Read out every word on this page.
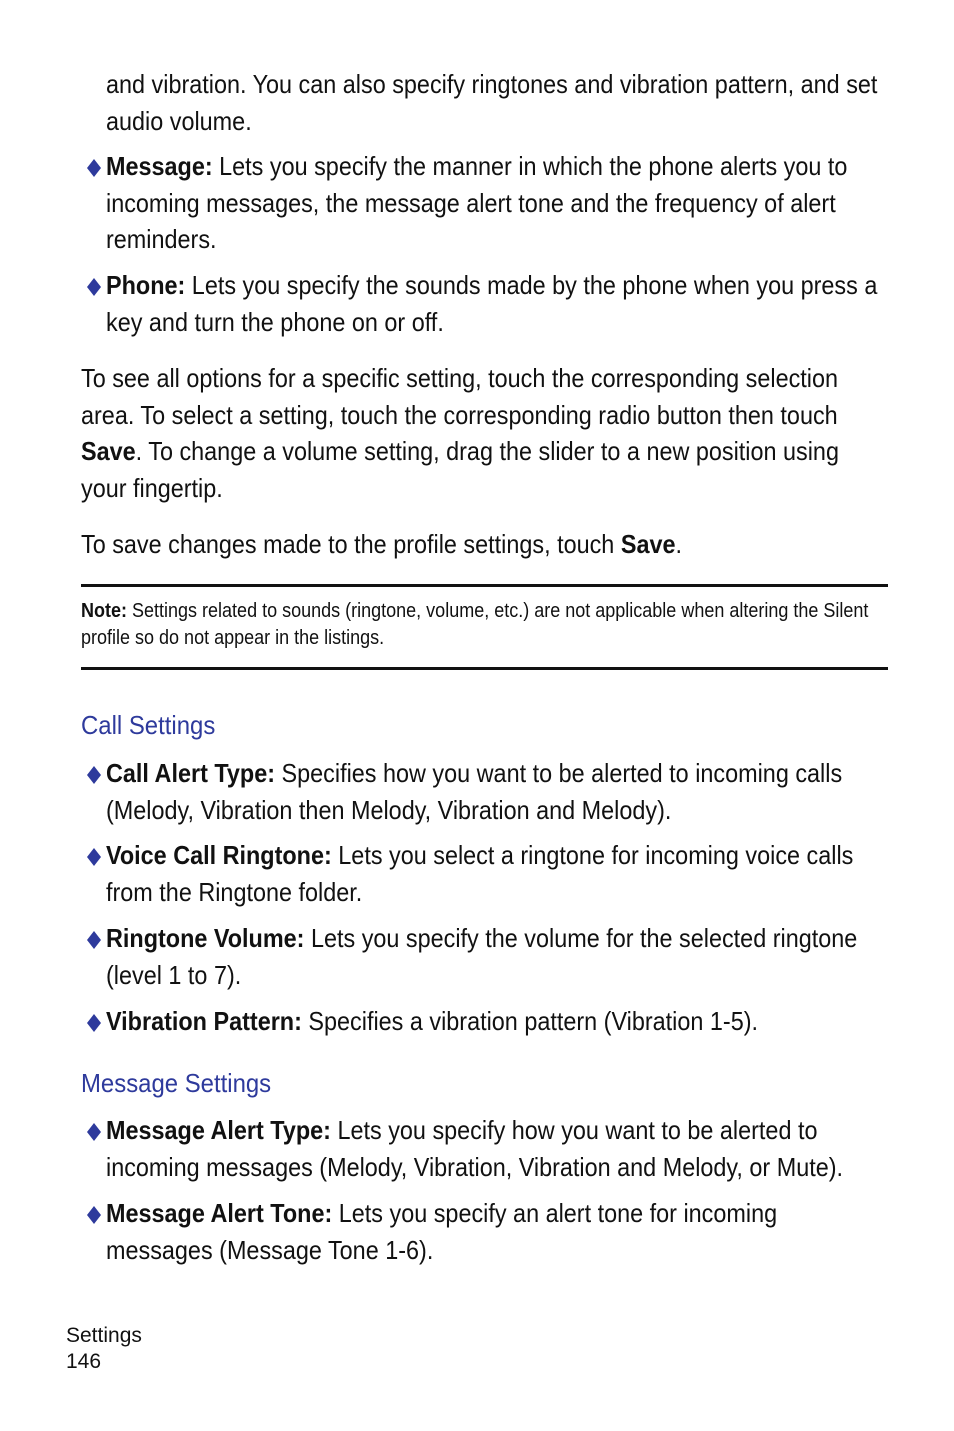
and vibration. You can also specify ringtones and vibration pattern, and set audio volume.
Message: Lets you specify the manner in which the phone alerts you to incoming messages, the message alert tone and the frequency of alert reminders.
Phone: Lets you specify the sounds made by the phone when you press a key and turn the phone on or off.
To see all options for a specific setting, touch the corresponding selection area. To select a setting, touch the corresponding radio button then touch Save. To change a volume setting, drag the slider to a new position using your fingertip.
To save changes made to the profile settings, touch Save.
Note: Settings related to sounds (ringtone, volume, etc.) are not applicable when altering the Silent profile so do not appear in the listings.
Call Settings
Call Alert Type: Specifies how you want to be alerted to incoming calls (Melody, Vibration then Melody, Vibration and Melody).
Voice Call Ringtone: Lets you select a ringtone for incoming voice calls from the Ringtone folder.
Ringtone Volume: Lets you specify the volume for the selected ringtone (level 1 to 7).
Vibration Pattern: Specifies a vibration pattern (Vibration 1-5).
Message Settings
Message Alert Type: Lets you specify how you want to be alerted to incoming messages (Melody, Vibration, Vibration and Melody, or Mute).
Message Alert Tone: Lets you specify an alert tone for incoming messages (Message Tone 1-6).
Settings
146
